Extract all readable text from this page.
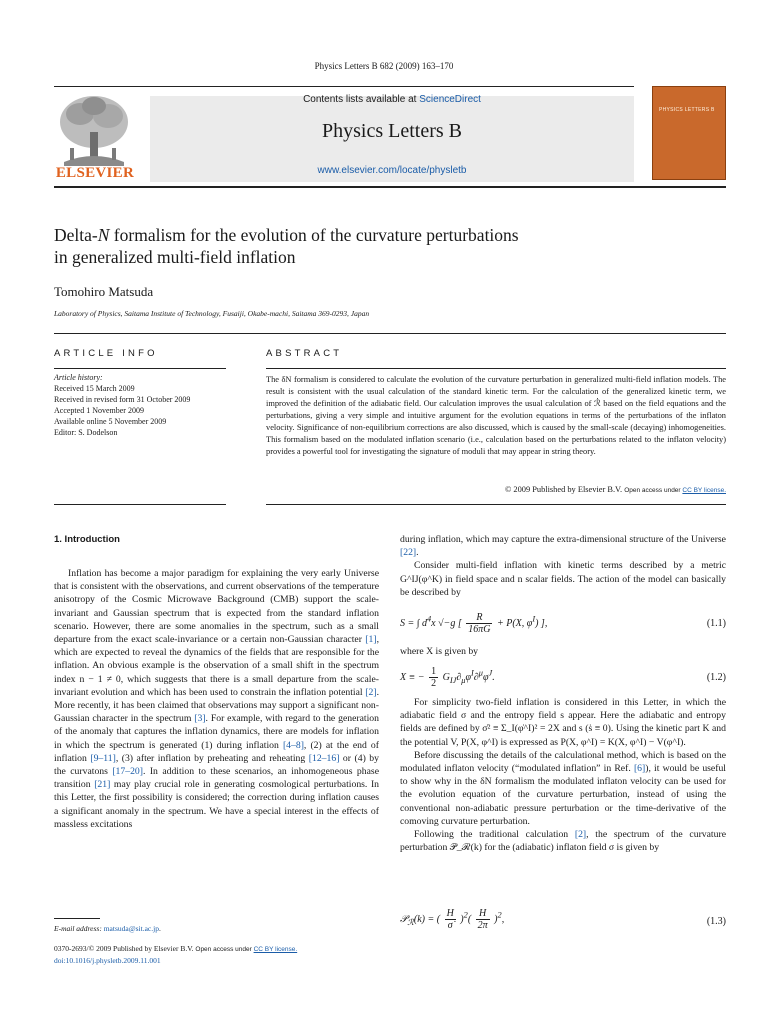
Physics Letters B 682 (2009) 163–170
ELSEVIER
Contents lists available at ScienceDirect
Physics Letters B
www.elsevier.com/locate/physletb
PHYSICS LETTERS B
Delta-N formalism for the evolution of the curvature perturbations
in generalized multi-field inflation
Tomohiro Matsuda
Laboratory of Physics, Saitama Institute of Technology, Fusaiji, Okabe-machi, Saitama 369-0293, Japan
ARTICLE INFO
Article history:
Received 15 March 2009
Received in revised form 31 October 2009
Accepted 1 November 2009
Available online 5 November 2009
Editor: S. Dodelson
ABSTRACT
The δN formalism is considered to calculate the evolution of the curvature perturbation in generalized multi-field inflation models. The result is consistent with the usual calculation of the standard kinetic term. For the calculation of the generalized kinetic term, we improved the definition of the adiabatic field. Our calculation improves the usual calculation of ℛ̇ based on the field equations and the perturbations, giving a very simple and intuitive argument for the evolution equations in terms of the perturbations of the inflaton velocity. Significance of non-equilibrium corrections are also discussed, which is caused by the small-scale (decaying) inhomogeneities. This formalism based on the modulated inflation scenario (i.e., calculation based on the perturbations related to the inflaton velocity) provides a powerful tool for investigating the signature of moduli that may appear in string theory.
© 2009 Published by Elsevier B.V. Open access under CC BY license.
1. Introduction

Inflation has become a major paradigm for explaining the very early Universe that is consistent with the observations, and current observations of the temperature anisotropy of the Cosmic Microwave Background (CMB) support the scale-invariant and Gaussian spectrum that is expected from the standard inflation scenario. However, there are some anomalies in the spectrum, such as a small departure from the exact scale-invariance or a certain non-Gaussian character [1], which are expected to reveal the dynamics of the fields that are responsible for the inflation. An obvious example is the observation of a small shift in the spectrum index n − 1 ≠ 0, which suggests that there is a small departure from the scale-invariant evolution and which has been used to constrain the inflation potential [2]. More recently, it has been claimed that observations may support a significant non-Gaussian character in the spectrum [3]. For example, with regard to the generation of the anomaly that captures the inflation dynamics, there are models for inflation in which the spectrum is generated (1) during inflation [4–8], (2) at the end of inflation [9–11], (3) after inflation by preheating and reheating [12–16] or (4) by the curvatons [17–20]. In addition to these scenarios, an inhomogeneous phase transition [21] may play crucial role in generating cosmological perturbations. In this Letter, the first possibility is considered; the correction during inflation causes a significant anomaly in the spectrum. We have a special interest in the effects of massless excitations

during inflation, which may capture the extra-dimensional structure of the Universe [22].

Consider multi-field inflation with kinetic terms described by a metric G^IJ(φ^K) in field space and n scalar fields. The action of the model can basically be described by

S = ∫ $d^4x$ √−g [ $\frac{R}{16\pi G} + P(X$, $\varphi^I$) ],	(1.1)

where X is given by

X ≡ − $\frac{1}{2} G_{IJ}\partial_\mu\varphi^I\partial^\mu\varphi^J$.	(1.2)

For simplicity two-field inflation is considered in this Letter, in which the adiabatic field σ and the entropy field s appear. Here the adiabatic and entropy fields are defined by σ̇² ≡ Σ_I(φ̇^I)² = 2X and s (ṡ ≡ 0). Using the kinetic part K and the potential V, P(X, φ^I) is expressed as P(X, φ^I) = K(X, φ^I) − V(φ^I).

Before discussing the details of the calculational method, which is based on the modulated inflaton velocity (“modulated inflation” in Ref. [6]), it would be useful to show why in the δN formalism the modulated inflaton velocity can be used for the evolution equation of the curvature perturbation, instead of using the conventional non-adiabatic pressure perturbation or the time-derivative of the comoving curvature perturbation.

Following the traditional calculation [2], the spectrum of the curvature perturbation 𝒫_ℛ(k) for the (adiabatic) inflaton field σ is given by

𝒫$_ℛ$(k) = ( $\frac{H}{\sigmȧ} )^2( \frac{H}{2\pi} )^2$,	(1.3)
E-mail address: matsuda@sit.ac.jp.
0370-2693/© 2009 Published by Elsevier B.V. Open access under CC BY license.
doi:10.1016/j.physletb.2009.11.001
